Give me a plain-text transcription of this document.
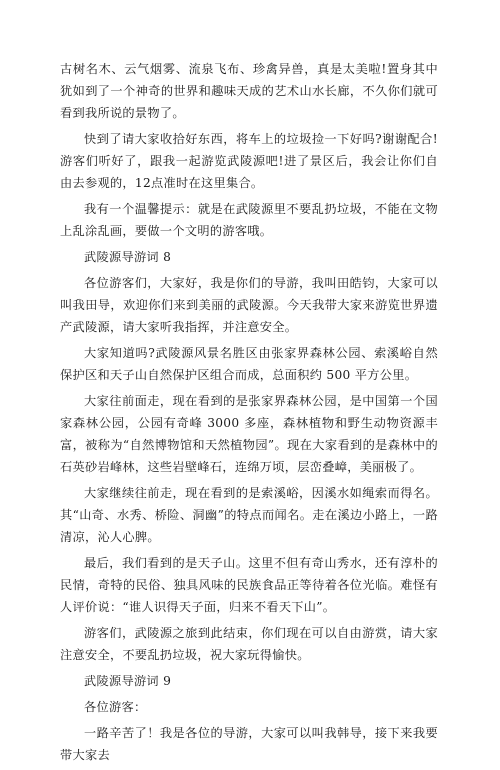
古树名木、云气烟雾、流泉飞布、珍禽异兽，真是太美啦!置身其中犹如到了一个神奇的世界和趣味天成的艺术山水长廊，不久你们就可看到我所说的景物了。

快到了请大家收拾好东西，将车上的垃圾捡一下好吗?谢谢配合!游客们听好了，跟我一起游览武陵源吧!进了景区后，我会让你们自由去参观的，12点准时在这里集合。

我有一个温馨提示：就是在武陵源里不要乱扔垃圾，不能在文物上乱涂乱画，要做一个文明的游客哦。

武陵源导游词 8

各位游客们，大家好，我是你们的导游，我叫田皓钧，大家可以叫我田导，欢迎你们来到美丽的武陵源。今天我带大家来游览世界遗产武陵源，请大家听我指挥，并注意安全。

大家知道吗?武陵源风景名胜区由张家界森林公园、索溪峪自然保护区和天子山自然保护区组合而成，总面积约 500 平方公里。

大家往前面走，现在看到的是张家界森林公园，是中国第一个国家森林公园，公园有奇峰 3000 多座，森林植物和野生动物资源丰富，被称为“自然博物馆和天然植物园”。现在大家看到的是森林中的石英砂岩峰林，这些岩壁峰石，连绵万顷，层峦叠嶂，美丽极了。

大家继续往前走，现在看到的是索溪峪，因溪水如绳索而得名。其“山奇、水秀、桥险、洞幽”的特点而闻名。走在溪边小路上，一路清凉，沁人心脾。

最后，我们看到的是天子山。这里不但有奇山秀水，还有淳朴的民情，奇特的民俗、独具风味的民族食品正等待着各位光临。难怪有人评价说：“谁人识得天子面，归来不看天下山”。

游客们，武陵源之旅到此结束，你们现在可以自由游赏，请大家注意安全，不要乱扔垃圾，祝大家玩得愉快。

武陵源导游词 9

各位游客：

一路辛苦了！我是各位的导游，大家可以叫我韩导，接下来我要带大家去
